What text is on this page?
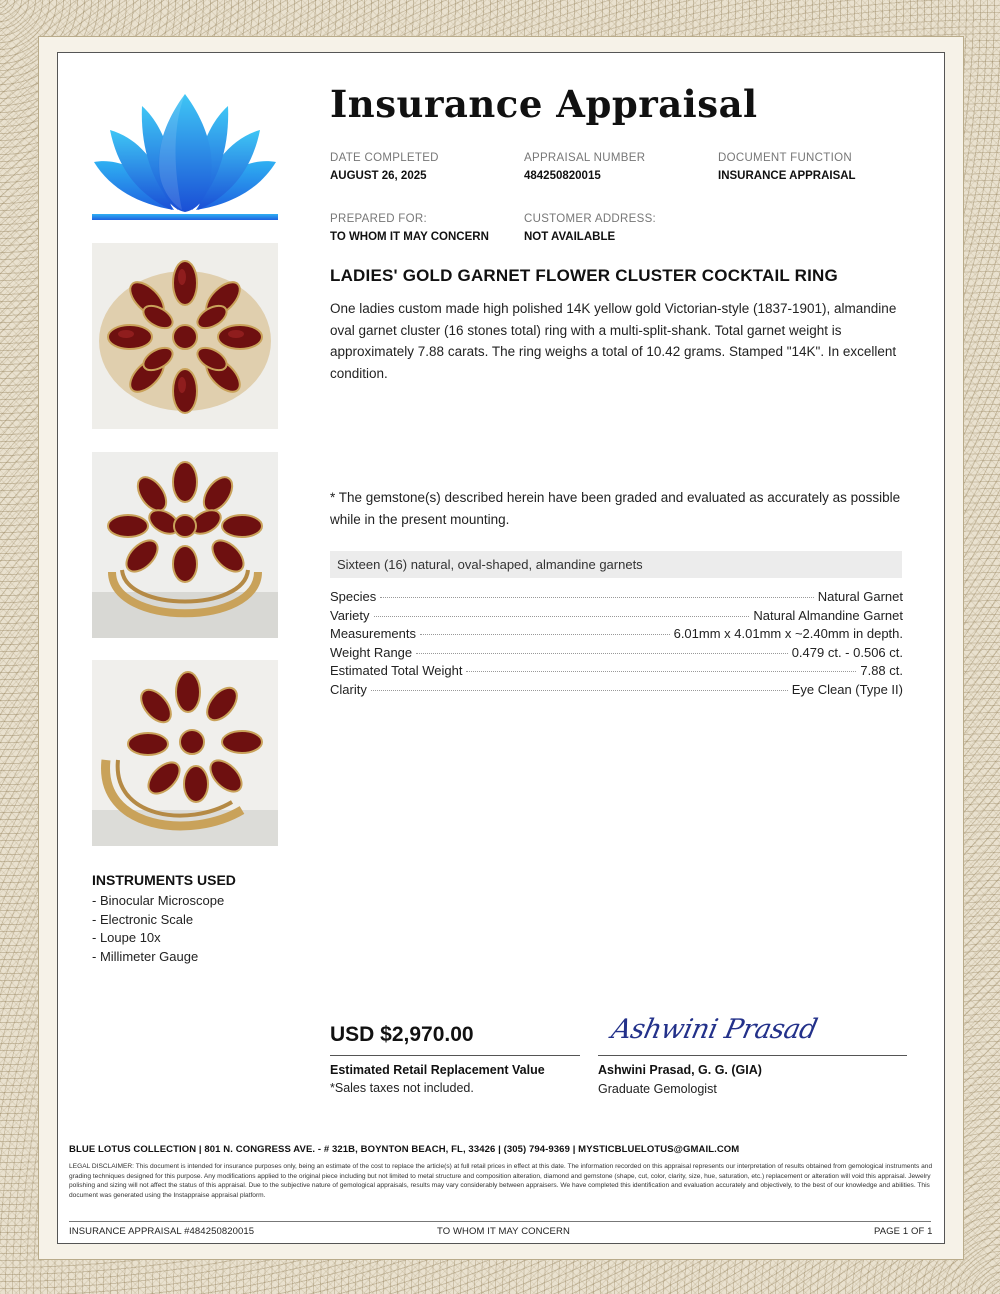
Insurance Appraisal
DATE COMPLETED
AUGUST 26, 2025
APPRAISAL NUMBER
484250820015
DOCUMENT FUNCTION
INSURANCE APPRAISAL
PREPARED FOR:
TO WHOM IT MAY CONCERN
CUSTOMER ADDRESS:
NOT AVAILABLE
LADIES' GOLD GARNET FLOWER CLUSTER COCKTAIL RING
One ladies custom made high polished 14K yellow gold Victorian-style (1837-1901), almandine oval garnet cluster (16 stones total) ring with a multi-split-shank. Total garnet weight is approximately 7.88 carats. The ring weighs a total of 10.42 grams. Stamped "14K". In excellent condition.
* The gemstone(s) described herein have been graded and evaluated as accurately as possible while in the present mounting.
Sixteen (16) natural, oval-shaped, almandine garnets
Species	Natural Garnet
Variety	Natural Almandine Garnet
Measurements	6.01mm x 4.01mm x ~2.40mm in depth.
Weight Range	0.479 ct. - 0.506 ct.
Estimated Total Weight	7.88 ct.
Clarity	Eye Clean (Type II)
INSTRUMENTS USED
- Binocular Microscope
- Electronic Scale
- Loupe 10x
- Millimeter Gauge
USD $2,970.00
Estimated Retail Replacement Value
*Sales taxes not included.
Ashwini Prasad
Ashwini Prasad, G. G. (GIA)
Graduate Gemologist
BLUE LOTUS COLLECTION | 801 N. CONGRESS AVE. - # 321B, BOYNTON BEACH, FL, 33426 | (305) 794-9369 | MYSTICBLUELOTUS@GMAIL.COM
LEGAL DISCLAIMER: This document is intended for insurance purposes only, being an estimate of the cost to replace the article(s) at full retail prices in effect at this date. The information recorded on this appraisal represents our interpretation of results obtained from gemological instruments and grading techniques designed for this purpose. Any modifications applied to the original piece including but not limited to metal structure and composition alteration, diamond and gemstone (shape, cut, color, clarity, size, hue, saturation, etc.) replacement or alteration will void this appraisal. Jewelry polishing and sizing will not affect the status of this appraisal. Due to the subjective nature of gemological appraisals, results may vary considerably between appraisers. We have completed this identification and evaluation accurately and objectively, to the best of our knowledge and abilities. This document was generated using the Instappraise appraisal platform.
INSURANCE APPRAISAL #484250820015	TO WHOM IT MAY CONCERN	PAGE 1 OF 1
